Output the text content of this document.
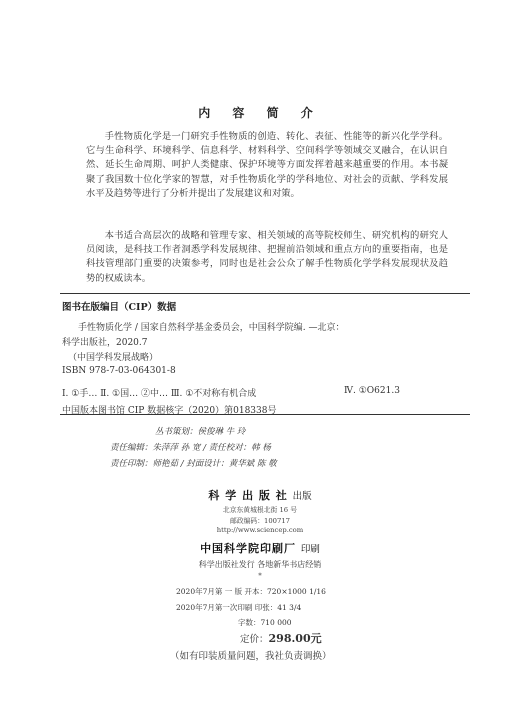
内 容 简 介

手性物质化学是一门研究手性物质的创造、转化、表征、性能等的新兴化学学科。它与生命科学、环境科学、信息科学、材料科学、空间科学等领域交叉融合，在认识自然、延长生命周期、呵护人类健康、保护环境等方面发挥着越来越重要的作用。本书凝聚了我国数十位化学家的智慧，对手性物质化学的学科地位、对社会的贡献、学科发展水平及趋势等进行了分析并提出了发展建议和对策。

本书适合高层次的战略和管理专家、相关领域的高等院校师生、研究机构的研究人员阅读，是科技工作者洞悉学科发展规律、把握前沿领域和重点方向的重要指南，也是科技管理部门重要的决策参考，同时也是社会公众了解手性物质化学学科发展现状及趋势的权威读本。

图书在版编目（CIP）数据
手性物质化学 / 国家自然科学基金委员会，中国科学院编. —北京：
科学出版社，2020.7
（中国学科发展战略）
ISBN 978-7-03-064301-8
Ⅰ. ①手… Ⅱ. ①国… ②中… Ⅲ. ①不对称有机合成	Ⅳ. ①O621.3
中国版本图书馆 CIP 数据核字（2020）第018338号
丛书策划：侯俊琳 牛 玲
责任编辑：朱萍萍 孙 宽 / 责任校对：韩 杨
责任印制：师艳茹 / 封面设计：黄华斌 陈 敬
科 学 出 版 社 出版
北京东黄城根北街 16 号
邮政编码：100717
http://www.sciencep.com
中国科学院印刷厂 印刷
科学出版社发行 各地新华书店经销
*
2020年7月第 一 版 开本：720×1000 1/16
2020年7月第一次印刷 印张：41 3/4
字数：710 000
定价：298.00元
（如有印装质量问题，我社负责调换）
